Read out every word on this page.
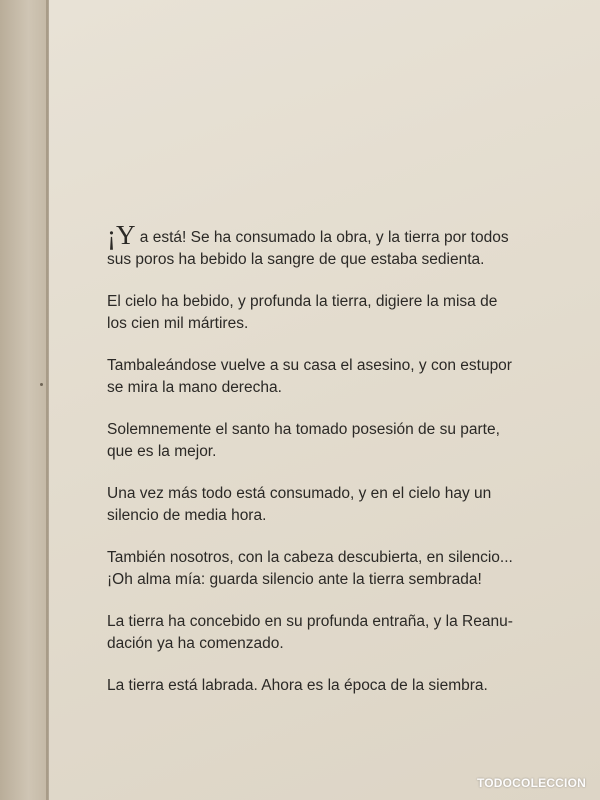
¡Y a está! Se ha consumado la obra, y la tierra por todos
sus poros ha bebido la sangre de que estaba sedienta.

El cielo ha bebido, y profunda la tierra, digiere la misa de
los cien mil mártires.

Tambaleándose vuelve a su casa el asesino, y con estupor
se mira la mano derecha.

Solemnemente el santo ha tomado posesión de su parte,
que es la mejor.

Una vez más todo está consumado, y en el cielo hay un
silencio de media hora.

También nosotros, con la cabeza descubierta, en silencio...
¡Oh alma mía: guarda silencio ante la tierra sembrada!

La tierra ha concebido en su profunda entraña, y la Reanu-
dación ya ha comenzado.

La tierra está labrada. Ahora es la época de la siembra.

TODOCOLECCION
